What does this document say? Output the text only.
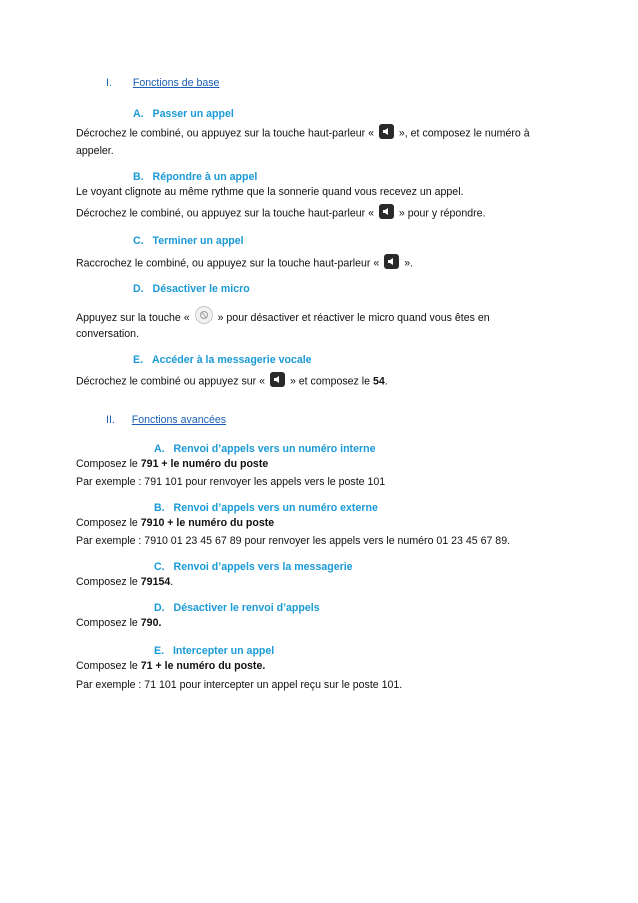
I. Fonctions de base
A. Passer un appel
Décrochez le combiné, ou appuyez sur la touche haut-parleur « », et composez le numéro à
appeler.
B. Répondre à un appel
Le voyant clignote au même rythme que la sonnerie quand vous recevez un appel.
Décrochez le combiné, ou appuyez sur la touche haut-parleur « » pour y répondre.
C. Terminer un appel
Raccrochez le combiné, ou appuyez sur la touche haut-parleur « ».
D. Désactiver le micro
Appuyez sur la touche «	» pour désactiver et réactiver le micro quand vous êtes en
conversation.
E. Accéder à la messagerie vocale
Décrochez le combiné ou appuyez sur « » et composez le 54.
II. Fonctions avancées
A. Renvoi d’appels vers un numéro interne
Composez le 791 + le numéro du poste
Par exemple : 791 101 pour renvoyer les appels vers le poste 101
B. Renvoi d’appels vers un numéro externe
Composez le 7910 + le numéro du poste
Par exemple : 7910 01 23 45 67 89 pour renvoyer les appels vers le numéro 01 23 45 67 89.
C. Renvoi d’appels vers la messagerie
Composez le 79154.
D. Désactiver le renvoi d’appels
Composez le 790.
E. Intercepter un appel
Composez le 71 + le numéro du poste.
Par exemple : 71 101 pour intercepter un appel reçu sur le poste 101.
